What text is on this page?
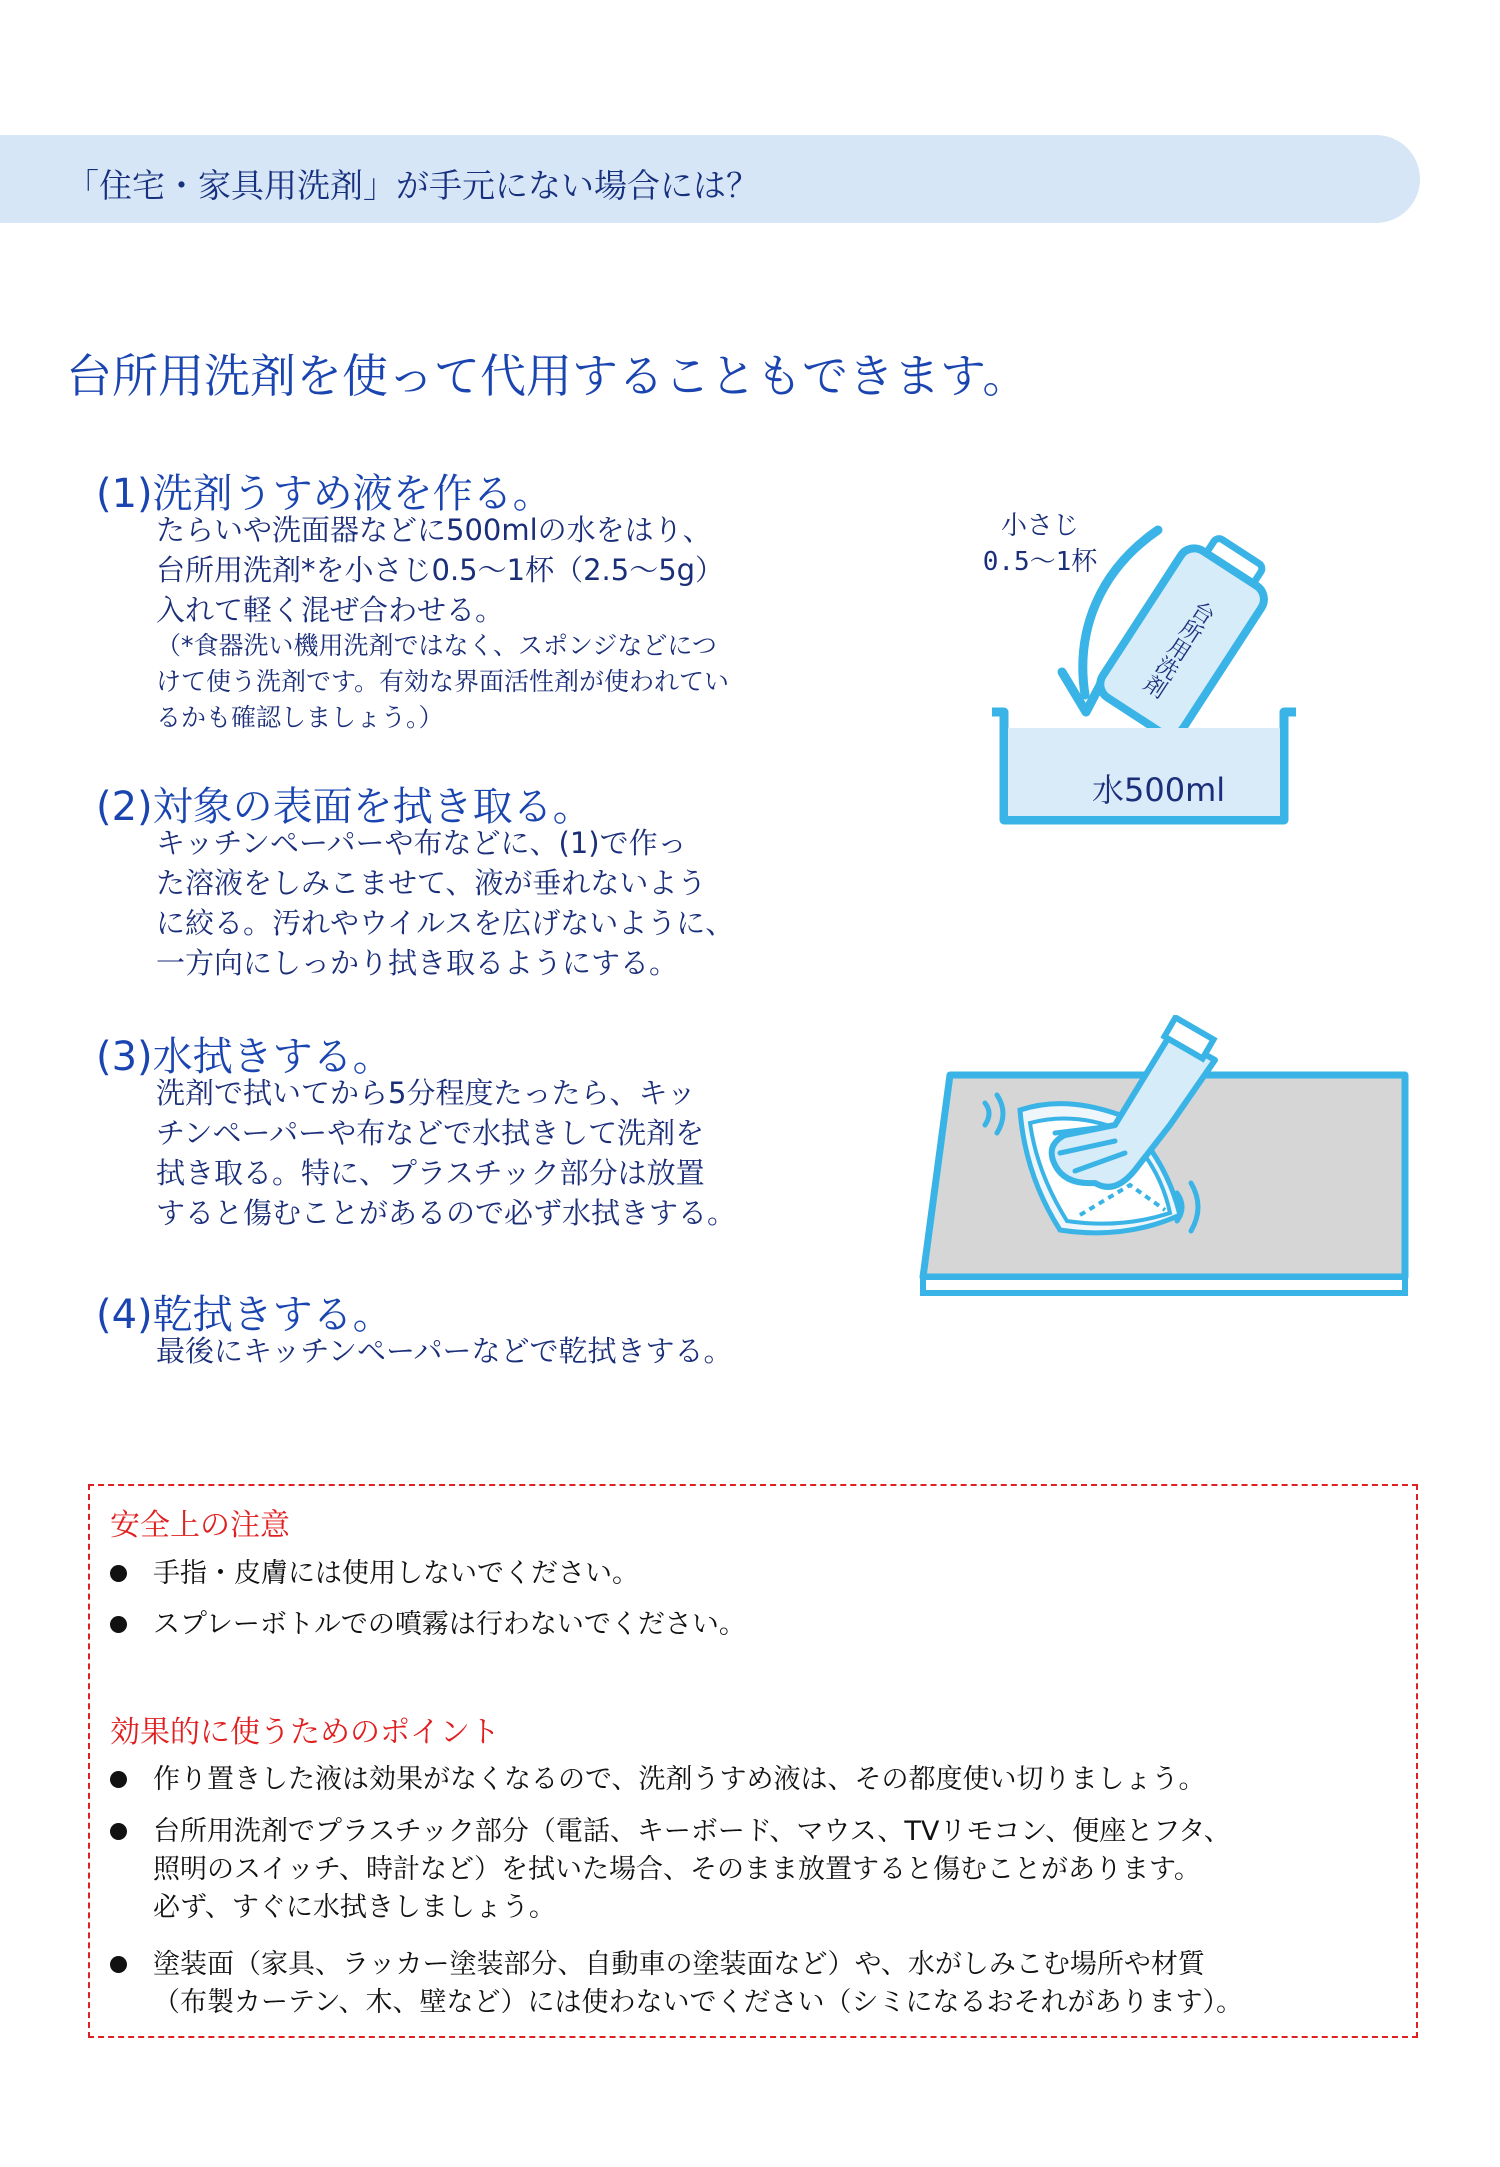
「住宅・家具用洗剤」が手元にない場合には？
台所用洗剤を使って代用することもできます。
(1)洗剤うすめ液を作る。
たらいや洗面器などに500mlの水をはり、
台所用洗剤*を小さじ0.5〜1杯（2.5〜5g）
入れて軽く混ぜ合わせる。
（*食器洗い機用洗剤ではなく、スポンジなどにつ
けて使う洗剤です。有効な界面活性剤が使われてい
るかも確認しましょう。）
(2)対象の表面を拭き取る。
キッチンペーパーや布などに、(1)で作っ
た溶液をしみこませて、液が垂れないよう
に絞る。汚れやウイルスを広げないように、
一方向にしっかり拭き取るようにする。
(3)水拭きする。
洗剤で拭いてから5分程度たったら、キッ
チンペーパーや布などで水拭きして洗剤を
拭き取る。特に、プラスチック部分は放置
すると傷むことがあるので必ず水拭きする。
(4)乾拭きする。
最後にキッチンペーパーなどで乾拭きする。
台所用洗剤
小さじ
0.5〜1杯
水500ml
安全上の注意
手指・皮膚には使用しないでください。
スプレーボトルでの噴霧は行わないでください。
効果的に使うためのポイント
作り置きした液は効果がなくなるので、洗剤うすめ液は、その都度使い切りましょう。
台所用洗剤でプラスチック部分（電話、キーボード、マウス、TVリモコン、便座とフタ、
照明のスイッチ、時計など）を拭いた場合、そのまま放置すると傷むことがあります。
必ず、すぐに水拭きしましょう。
塗装面（家具、ラッカー塗装部分、自動車の塗装面など）や、水がしみこむ場所や材質
（布製カーテン、木、壁など）には使わないでください（シミになるおそれがあります）。
